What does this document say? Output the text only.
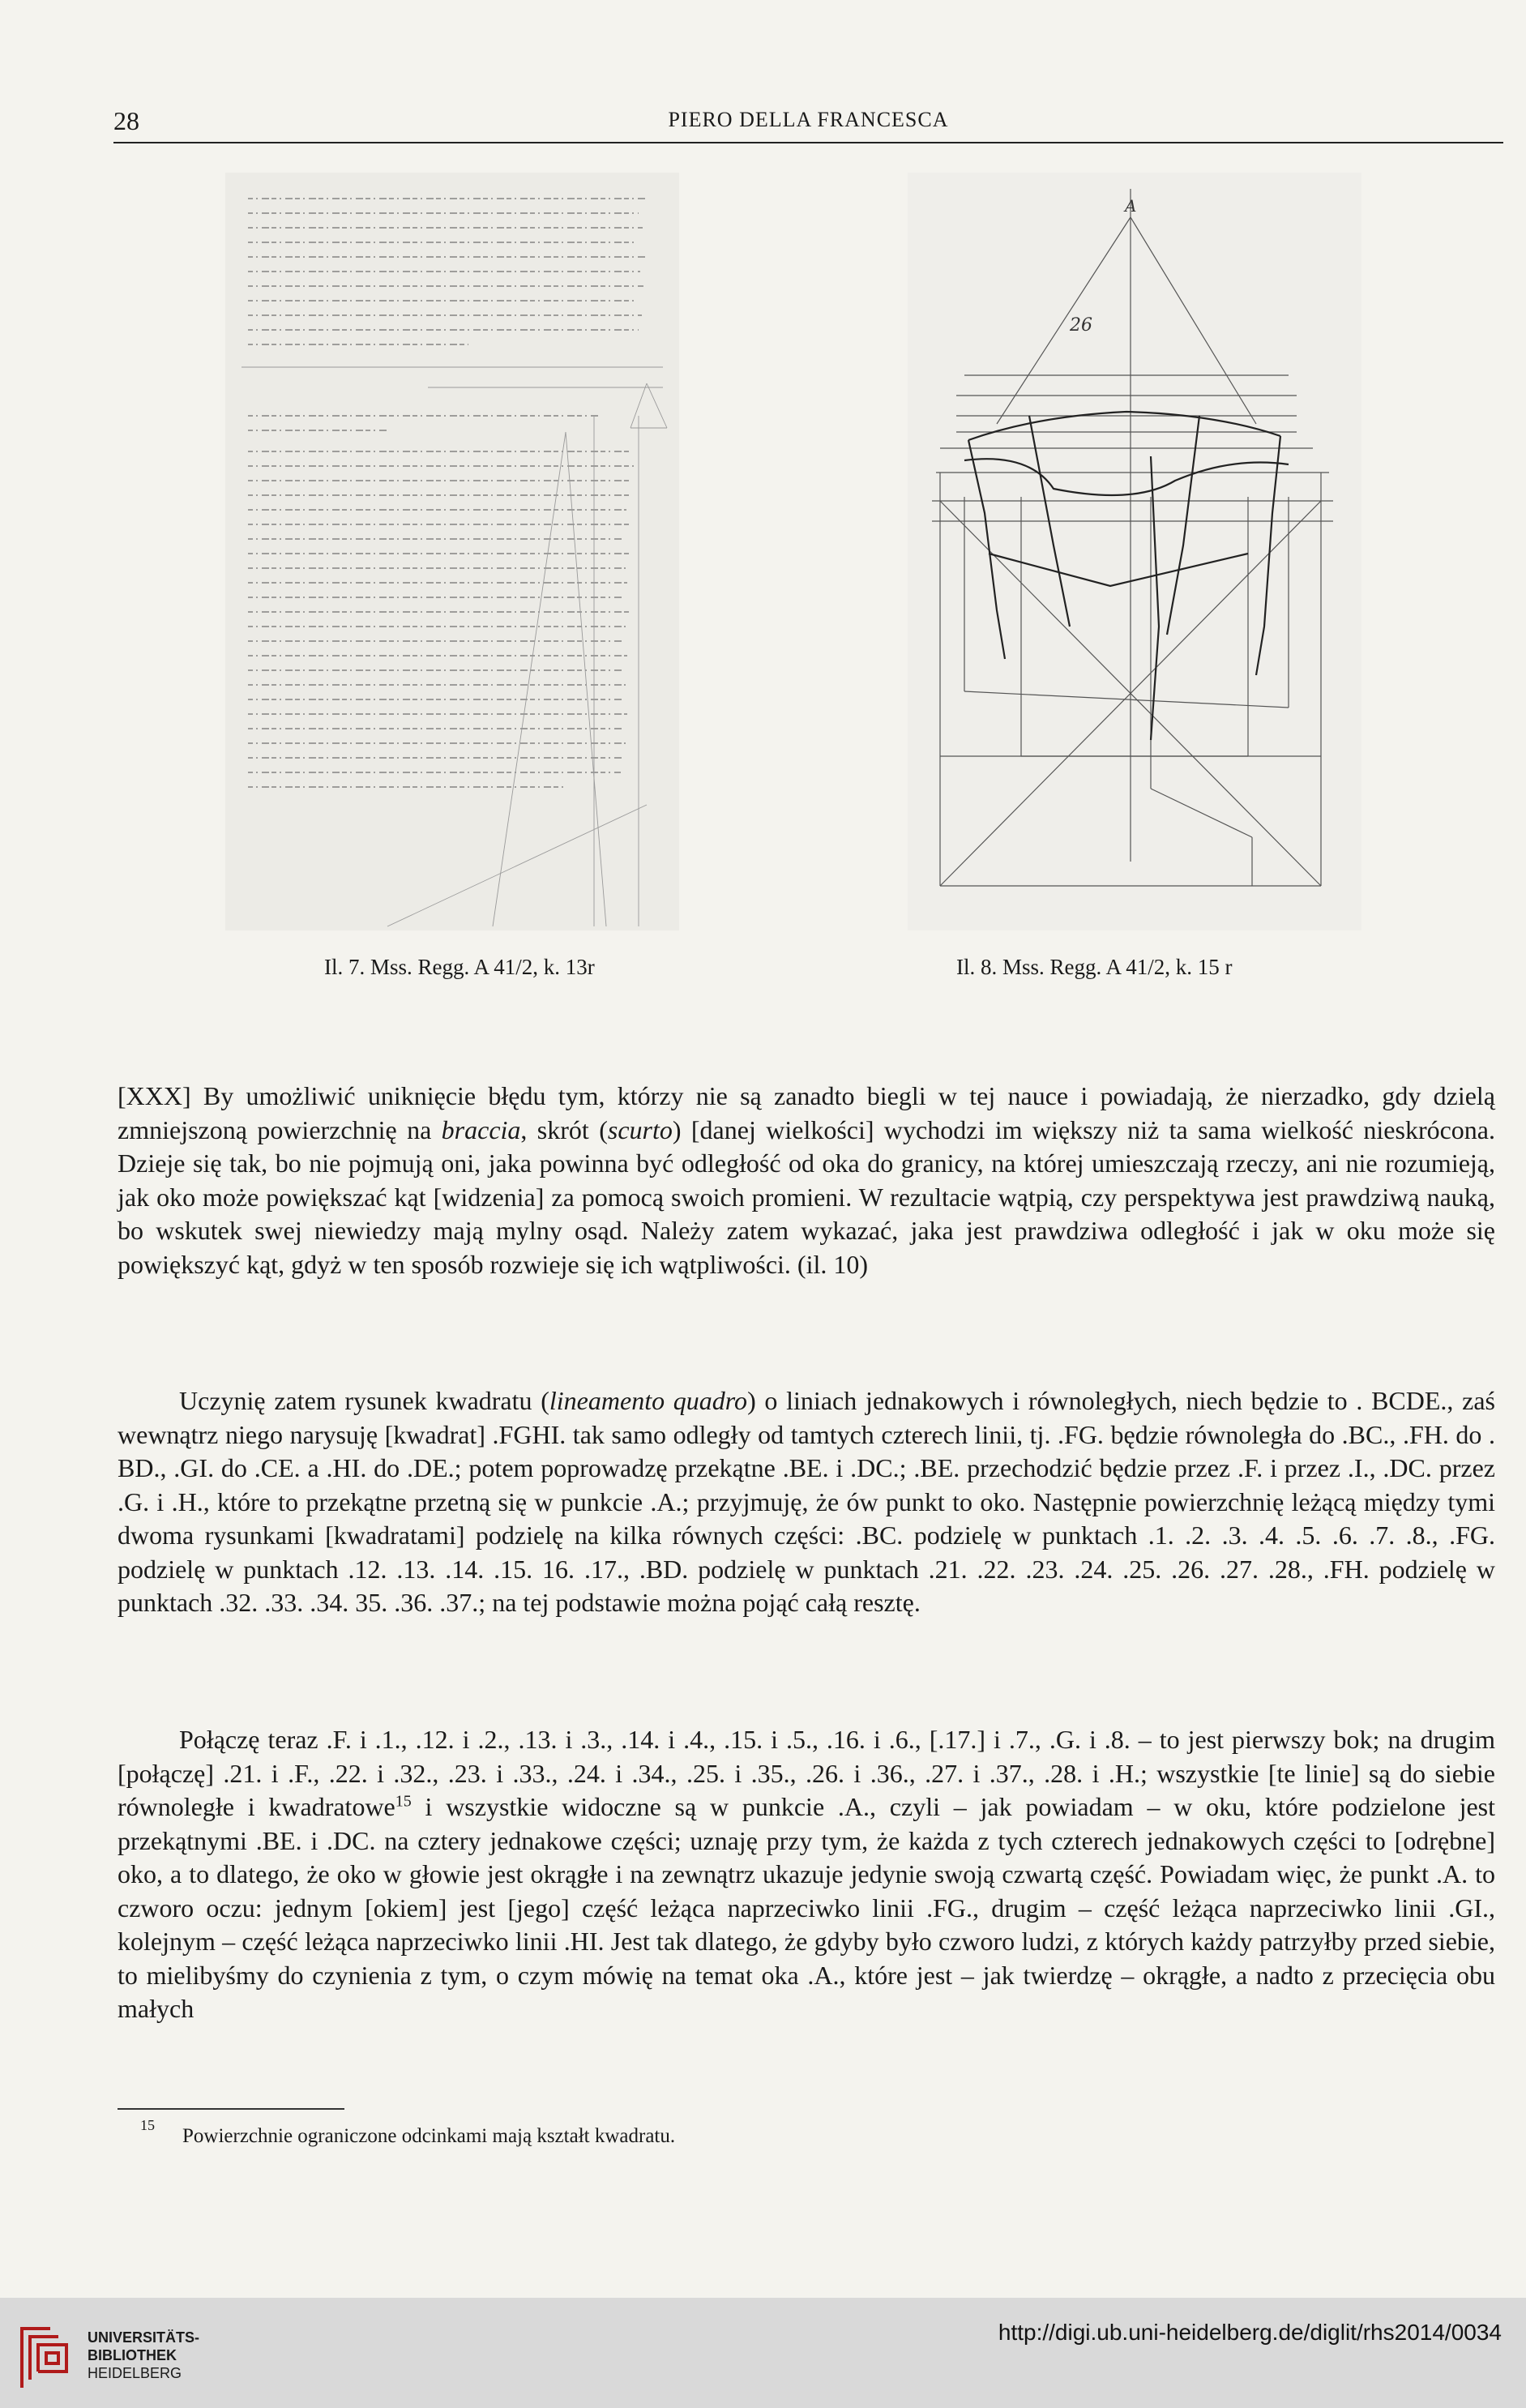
28	PIERO DELLA FRANCESCA
A
26
Il. 7. Mss. Regg. A 41/2, k. 13r	Il. 8. Mss. Regg. A 41/2, k. 15 r

[XXX] By umożliwić uniknięcie błędu tym, którzy nie są zanadto biegli w tej nauce i powiadają, że nierzadko, gdy dzielą zmniejszoną powierzchnię na braccia, skrót (scurto) [danej wielkości] wychodzi im większy niż ta sama wielkość nieskrócona. Dzieje się tak, bo nie pojmują oni, jaka powinna być odległość od oka do granicy, na której umieszczają rzeczy, ani nie rozumieją, jak oko może powiększać kąt [widzenia] za pomocą swoich promieni. W rezultacie wątpią, czy perspektywa jest prawdziwą nauką, bo wskutek swej niewiedzy mają mylny osąd. Należy zatem wykazać, jaka jest prawdziwa odległość i jak w oku może się powiększyć kąt, gdyż w ten sposób rozwieje się ich wątpliwości. (il. 10)

Uczynię zatem rysunek kwadratu (lineamento quadro) o liniach jednakowych i równoległych, niech będzie to . BCDE., zaś wewnątrz niego narysuję [kwadrat] .FGHI. tak samo odległy od tamtych czterech linii, tj. .FG. będzie równoległa do .BC., .FH. do . BD., .GI. do .CE. a .HI. do .DE.; potem poprowadzę przekątne .BE. i .DC.; .BE. przechodzić będzie przez .F. i przez .I., .DC. przez .G. i .H., które to przekątne przetną się w punkcie .A.; przyjmuję, że ów punkt to oko. Następnie powierzchnię leżącą między tymi dwoma rysunkami [kwadratami] podzielę na kilka równych części: .BC. podzielę w punktach .1. .2. .3. .4. .5. .6. .7. .8., .FG. podzielę w punktach .12. .13. .14. .15. 16. .17., .BD. podzielę w punktach .21. .22. .23. .24. .25. .26. .27. .28., .FH. podzielę w punktach .32. .33. .34. 35. .36. .37.; na tej podstawie można pojąć całą resztę.

Połączę teraz .F. i .1., .12. i .2., .13. i .3., .14. i .4., .15. i .5., .16. i .6., [.17.] i .7., .G. i .8. – to jest pierwszy bok; na drugim [połączę] .21. i .F., .22. i .32., .23. i .33., .24. i .34., .25. i .35., .26. i .36., .27. i .37., .28. i .H.; wszystkie [te linie] są do siebie równoległe i kwadratowe$^{15}$ i wszystkie widoczne są w punkcie .A., czyli – jak powiadam – w oku, które podzielone jest przekątnymi .BE. i .DC. na cztery jednakowe części; uznaję przy tym, że każda z tych czterech jednakowych części to [odrębne] oko, a to dlatego, że oko w głowie jest okrągłe i na zewnątrz ukazuje jedynie swoją czwartą część. Powiadam więc, że punkt .A. to czworo oczu: jednym [okiem] jest [jego] część leżąca naprzeciwko linii .FG., drugim – część leżąca naprzeciwko linii .GI., kolejnym – część leżąca naprzeciwko linii .HI. Jest tak dlatego, że gdyby było czworo ludzi, z których każdy patrzyłby przed siebie, to mielibyśmy do czynienia z tym, o czym mówię na temat oka .A., które jest – jak twierdzę – okrągłe, a nadto z przecięcia obu małych

15 Powierzchnie ograniczone odcinkami mają kształt kwadratu.
UNIVERSITÄTS-
BIBLIOTHEK
HEIDELBERG
http://digi.ub.uni-heidelberg.de/diglit/rhs2014/0034
